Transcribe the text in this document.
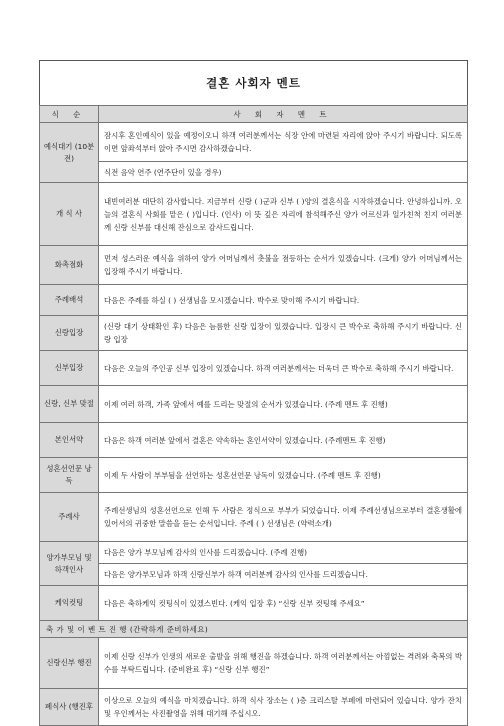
결혼 사회자 멘트
식 순	사 회 자 멘 트
예식대기 (10분 전)	잠시후 혼인예식이 있을 예정이오니 하객 여러분께서는 식장 안에 마련된 자리에 앉아 주시기 바랍니다. 되도록이면 앞좌석부터 앉아 주시면 감사하겠습니다.
	식전 음악 연주 (연주단이 있을 경우)
개 식 사	내빈여러분 대단히 감사합니다. 지금부터 신랑 ( )군과 신부 ( )양의 결혼식을 시작하겠습니다. 안녕하십니까. 오늘의 결혼식 사회를 맡은 ( )입니다. (인사) 이 뜻 깊은 자리에 참석해주신 양가 어르신과 일가친척 친지 여러분께 신랑 신부를 대신해 잔심으로 감사드립니다.
화촉점화	먼저 성스러운 예식을 위하여 양가 어머님께서 촛불을 점등하는 순서가 있겠습니다. (크게) 양가 어머님께서는 입장해 주시기 바랍니다.
주례배석	다음은 주례를 하실 ( ) 선생님을 모시겠습니다. 박수로 맞이해 주시기 바랍니다.
신랑입장	(신랑 대기 상태확인 후) 다음은 늠름한 신랑 입장이 있겠습니다. 입장시 큰 박수로 축하해 주시기 바랍니다. 신랑 입장
신부입장	다음은 오늘의 주인공 신부 입장이 있겠습니다. 하객 여러분께서는 더욱더 큰 박수로 축하해 주시기 바랍니다.
신랑, 신부 맞절	이제 여러 하객, 가족 앞에서 예를 드리는 맞절의 순서가 있겠습니다. (주례 멘트 후 진행)
본인서약	다음은 하객 여러분 앞에서 결혼은 약속하는 혼인서약이 있겠습니다. (주례멘트 후 진행)
성혼선언문 낭 독	이제 두 사람이 부부됨을 선언하는 성혼선언문 낭독이 있겠습니다. (주례 멘트 후 진행)
주례사	주례선생님의 성혼선언으로 인해 두 사람은 정식으로 부부가 되었습니다. 이제 주례선생님으로부터 결혼생활에 있어서의 귀중한 말씀을 듣는 순서입니다. 주례 ( ) 선생님은 (약력소개)
양가부모님 및 하객인사	다음은 양가 부모님께 감사의 인사를 드리겠습니다. (주례 진행)
	다음은 양가부모님과 하객 신랑신부가 하객 여러분께 감사의 인사를 드리겠습니다.
케익컷팅	다음은 축하케익 컷팅식이 있겠스빈다. (케익 입장 후) “신랑 신부 컷팅해 주세요”
축 가 및 이 벤 트 진 행 (간략하게 준비하세요)	
신랑신부 행진	이제 신랑 신부가 인생의 새로운 출발을 위해 행진을 하겠습니다. 하객 여러분께서는 아낌없는 격려와 축복의 박수를 부탁드립니다. (준비완료 후) “신랑 신부 행진”
폐식사 (행진후	이상으로 오늘의 예식을 마치겠습니다. 하객 식사 장소는 ( )층 크리스탈 부페에 마련되어 있습니다. 양가 잔치 및 우인께서는 사진촬영을 위해 대기해 주십시오.
